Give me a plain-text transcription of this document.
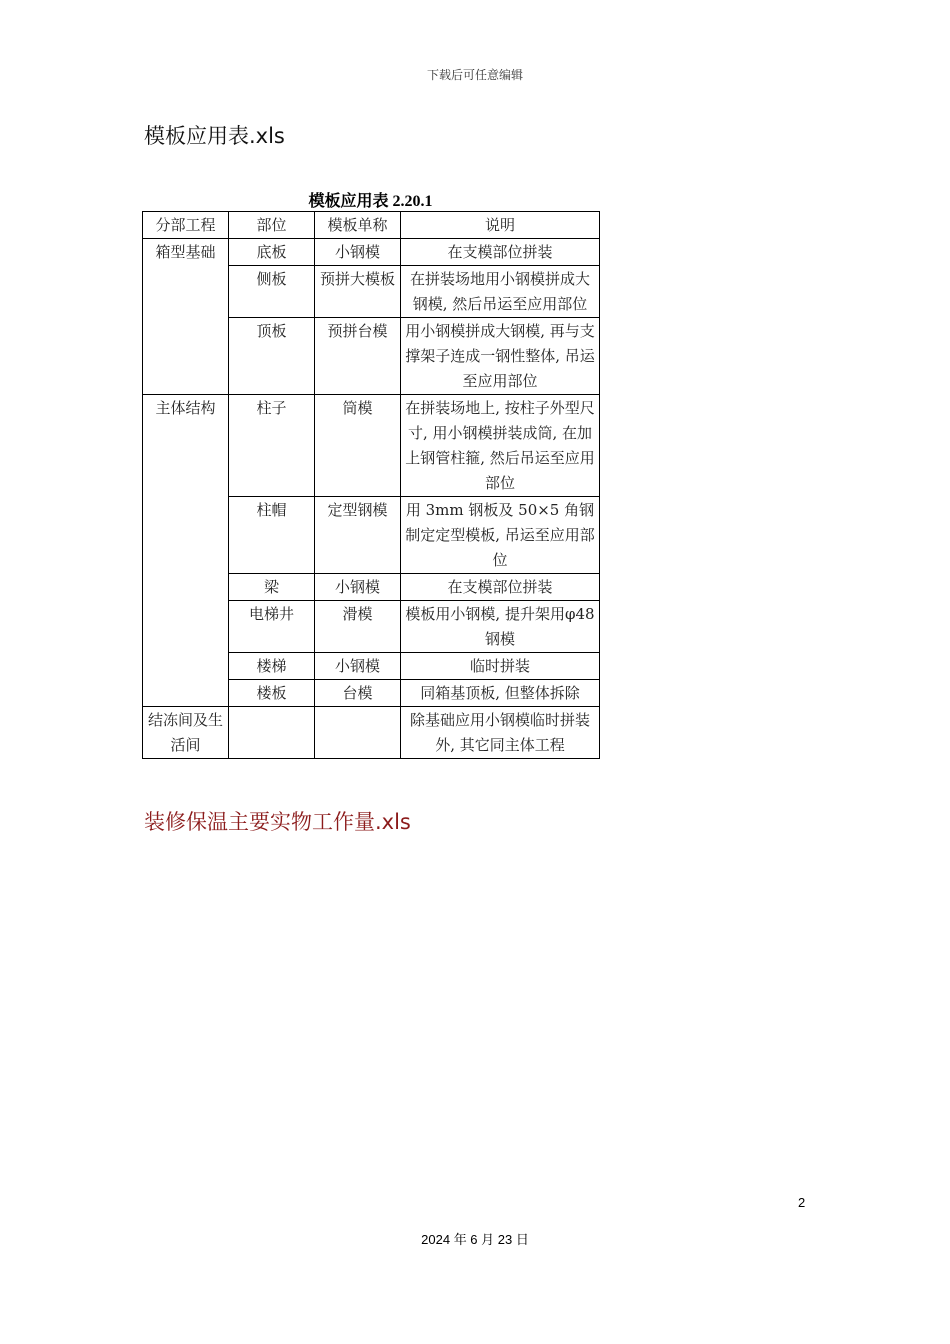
下载后可任意编辑
模板应用表.xls
模板应用表 2.20.1
分部工程	部位	模板单称	说明
箱型基础	底板	小钢模	在支模部位拼装
	侧板	预拼大模板	在拼装场地用小钢模拼成大钢模, 然后吊运至应用部位
	顶板	预拼台模	用小钢模拼成大钢模, 再与支撑架子连成一钢性整体, 吊运至应用部位
主体结构	柱子	筒模	在拼装场地上, 按柱子外型尺寸, 用小钢模拼装成筒, 在加上钢管柱箍, 然后吊运至应用部位
	柱帽	定型钢模	用 3mm 钢板及 50×5 角钢制定定型模板, 吊运至应用部位
	梁	小钢模	在支模部位拼装
	电梯井	滑模	模板用小钢模, 提升架用φ48 钢模
	楼梯	小钢模	临时拼装
	楼板	台模	同箱基顶板, 但整体拆除
结冻间及生活间			除基础应用小钢模临时拼装外, 其它同主体工程
装修保温主要实物工作量.xls
2
2024 年 6 月 23 日
